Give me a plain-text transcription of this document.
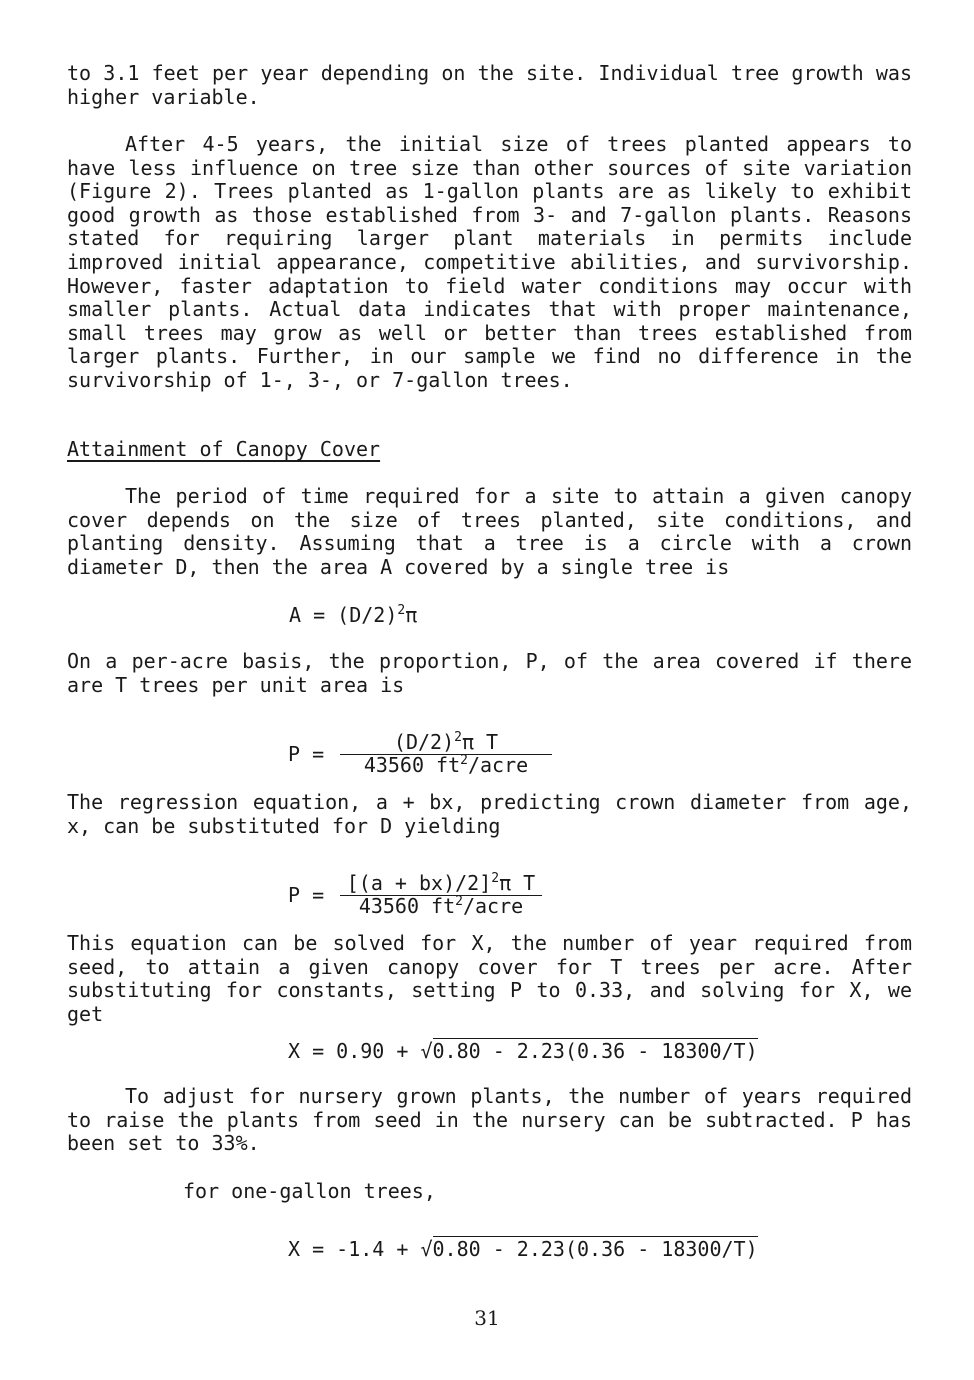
to 3.1 feet per year depending on the site. Individual tree growth was higher variable.

After 4-5 years, the initial size of trees planted appears to have less influence on tree size than other sources of site variation (Figure 2). Trees planted as 1-gallon plants are as likely to exhibit good growth as those established from 3- and 7-gallon plants. Reasons stated for requiring larger plant materials in permits include improved initial appearance, competitive abilities, and survivorship. However, faster adaptation to field water conditions may occur with smaller plants. Actual data indicates that with proper maintenance, small trees may grow as well or better than trees established from larger plants. Further, in our sample we find no difference in the survivorship of 1-, 3-, or 7-gallon trees.

Attainment of Canopy Cover

The period of time required for a site to attain a given canopy cover depends on the size of trees planted, site conditions, and planting density. Assuming that a tree is a circle with a crown diameter D, then the area A covered by a single tree is

$A = (D/2)^2\pi$

On a per-acre basis, the proportion, P, of the area covered if there are T trees per unit area is

P =	$(D/2)^2\pi$ T
43560 $ft^2$/acre

The regression equation, a + bx, predicting crown diameter from age, x, can be substituted for D yielding

P =	$[(a + bx)/2]^2\pi$ T
43560 $ft^2$/acre

This equation can be solved for X, the number of year required from seed, to attain a given canopy cover for T trees per acre. After substituting for constants, setting P to 0.33, and solving for X, we get

X = 0.90 + √0.80 - 2.23(0.36 - 18300/T)

To adjust for nursery grown plants, the number of years required to raise the plants from seed in the nursery can be subtracted. P has been set to 33%.

for one-gallon trees,

X = -1.4 + √0.80 - 2.23(0.36 - 18300/T)
31
